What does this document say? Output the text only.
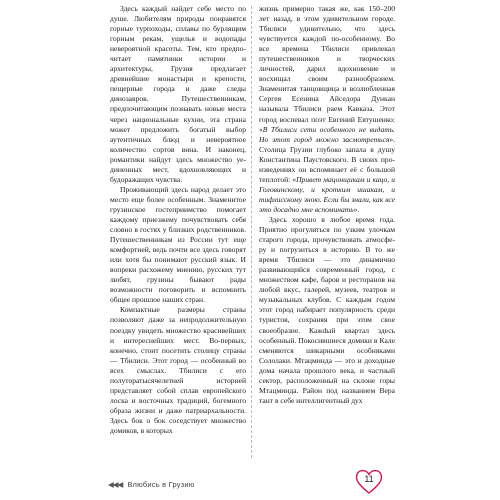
Здесь каждый найдет себе место по душе. Любителям природы понравятся горные турпоходы, сплавы по бурлящим горным рекам, ущелья и водопады невероятной красоты. Тем, кто предпочитает памятники истории и архитектуры, Грузия предлагает древнейшие монастыри и крепости, пещерные города и даже следы динозавров. Путешественникам, предпочитающим познавать новые места через национальные кухни, эта страна может предложить богатый выбор аутентичных блюд и невероятное количество сортов вина. И наконец, романтики найдут здесь множество уединенных мест, вдохновляющих и будоражащих чувства.

Проживающий здесь народ делает это место еще более особенным. Знаменитое грузинское гостеприимство помогает каждому приезжему почувствовать себя словно в гостях у близких родственников. Путешественникам из России тут еще комфортней, ведь почти все здесь говорят или хотя бы понимают русский язык. И вопреки расхожему мнению, русских тут любят, грузины бывают рады возможности поговорить и вспомнить общее прошлое наших стран.

Компактные размеры страны позволяют даже за непродолжительную поездку увидеть множество красивейших и интереснейших мест. Во-первых, конечно, стоит посетить столицу страны — Тбилиси. Этот город — особенный во всех смыслах. Тбилиси с его полуторатысячелетней историей представляет собой сплав европейского лоска и восточных традиций, богемного образа жизни и даже патриархальности. Здесь бок о бок соседствует множество домиков, в которых

жизнь примерно такая же, как 150–200 лет назад, в этом удивительном городе. Тбилиси удивительно, что здесь чувствуется каждой по-особенному. Во все времена Тбилиси привлекал путешественников и творческих личностей, дарил вдохновение и восхищал своим разнообразием. Знаменитая танцовщица и возлюбленная Сергея Есенина Айседора Дункан называла Тбилиси раем Кавказа. Этот город воспевал поэт Евгений Евтушенко: «В Тбилиси сети особенного не видать. Но этот город можно засмотреться». Столица Грузии глубоко запала в душу Константина Паустовского. В своих произведениях он вспоминает её с большой теплотой: «Привет мацонщикам и кацо, и Головинскому, и кротким ишакам, и тифлисскому зною. Если бы знали, как все это досадно мне вспоминать».

Здесь хорошо в любое время года. Приятно прогуляться по узким улочкам старого города, прочувствовать атмосферу и погрузиться в историю. В то же время Тбилиси — это динамично развивающийся современный город, с множеством кафе, баров и ресторанов на любой вкус, галерей, музеев, театров и музыкальных клубов. С каждым годом этот город набирает популярность среди туристов, сохраняя при этом свое своеобразие. Кажdый квартал здесь особенный. Покосившиеся домики в Кале сменяются шикарными особняками Сололаки. Мтацминда — это и доходные дома начала прошлого века, и частный сектор, расположенный на склоне горы Мтацминда. Район под названием Вера тант в себе интеллигентный дух

◀◀◀ Влюбись в Грузию
11
